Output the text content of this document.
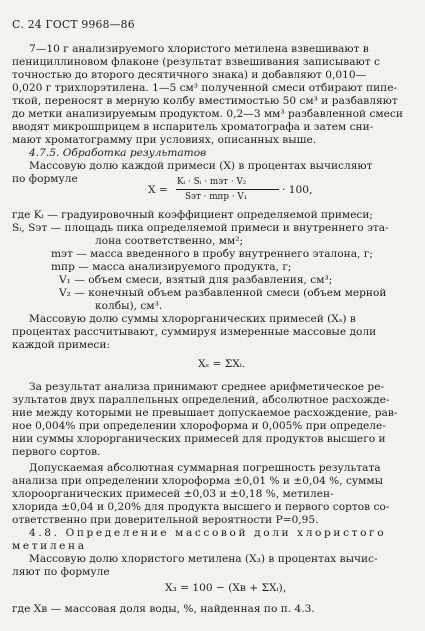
С. 24 ГОСТ 9968—86
7—10 г анализируемого хлористого метилена взвешивают в
пенициллиновом флаконе (результат взвешивания записывают с
точностью до второго десятичного знака) и добавляют 0,010—
0,020 г трихлорэтилена. 1—5 см³ полученной смеси отбирают пипе-
ткой, переносят в мерную колбу вместимостью 50 см³ и разбавляют
до метки анализируемым продуктом. 0,2—3 мм³ разбавленной смеси
вводят микрошприцем в испаритель хроматографа и затем сни-
мают хроматограмму при условиях, описанных выше.
4.7.5. Обработка результатов
Массовую долю каждой примеси (X) в процентах вычисляют
по формуле
где Kᵢ — градуировочный коэффициент определяемой примеси;
Sᵢ, Sэт — площадь пика определяемой примеси и внутреннего эта-
лона соответственно, мм²;
mэт — масса введенного в пробу внутреннего эталона, г;
mпр — масса анализируемого продукта, г;
V₁ — объем смеси, взятый для разбавления, см³;
V₂ — конечный объем разбавленной смеси (объем мерной
колбы), см³.
Массовую долю суммы хлорорганических примесей (Xₛ) в
процентах рассчитывают, суммируя измеренные массовые доли
каждой примеси:
Xₛ = ΣXᵢ.
За результат анализа принимают среднее арифметическое ре-
зультатов двух параллельных определений, абсолютное расхожде-
ние между которыми не превышает допускаемое расхождение, рав-
ное 0,004% при определении хлороформа и 0,005% при определе-
нии суммы хлорорганических примесей для продуктов высшего и
первого сортов.
Допускаемая абсолютная суммарная погрешность результата
анализа при определении хлороформа ±0,01 % и ±0,04 %, суммы
хлороорганических примесей ±0,03 и ±0,18 %, метилен-
хлорида ±0,04 и 0,20% для продукта высшего и первого сортов со-
ответственно при доверительной вероятности P=0,95.
4.8. Определение массовой доли хлористого
метилена
Массовую долю хлористого метилена (X₃) в процентах вычис-
ляют по формуле
X₃ = 100 − (Xв + ΣXᵢ),
где Xв — массовая доля воды, %, найденная по п. 4.3.
X =
Kᵢ · Sᵢ · mэт · V₂
Sэт · mпр · V₁
· 100,
